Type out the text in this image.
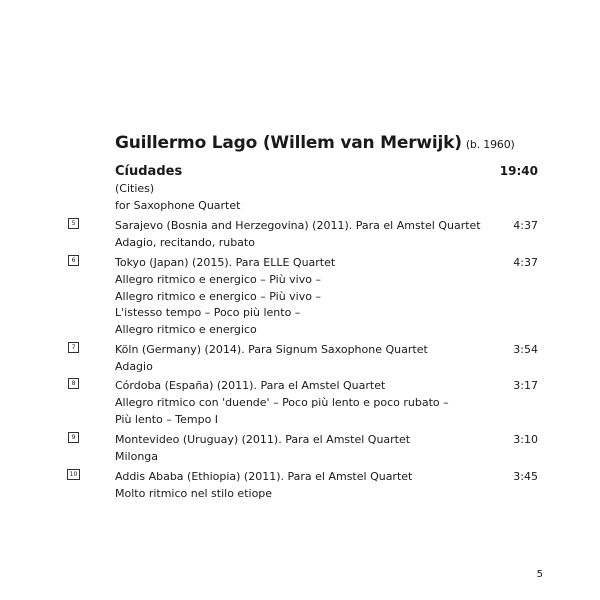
Guillermo Lago (Willem van Merwijk) (b. 1960)
Cíudades	19:40
(Cities)
for Saxophone Quartet
5	Sarajevo (Bosnia and Herzegovina) (2011). Para el Amstel Quartet	4:37
Adagio, recitando, rubato
6	Tokyo (Japan) (2015). Para ELLE Quartet	4:37
Allegro ritmico e energico – Più vivo –
Allegro ritmico e energico – Più vivo –
L'istesso tempo – Poco più lento –
Allegro ritmico e energico
7	Köln (Germany) (2014). Para Signum Saxophone Quartet	3:54
Adagio
8	Córdoba (España) (2011). Para el Amstel Quartet	3:17
Allegro ritmico con 'duende' – Poco più lento e poco rubato –
Più lento – Tempo I
9	Montevideo (Uruguay) (2011). Para el Amstel Quartet	3:10
Milonga
10	Addis Ababa (Ethiopia) (2011). Para el Amstel Quartet	3:45
Molto ritmico nel stilo etiope
5
